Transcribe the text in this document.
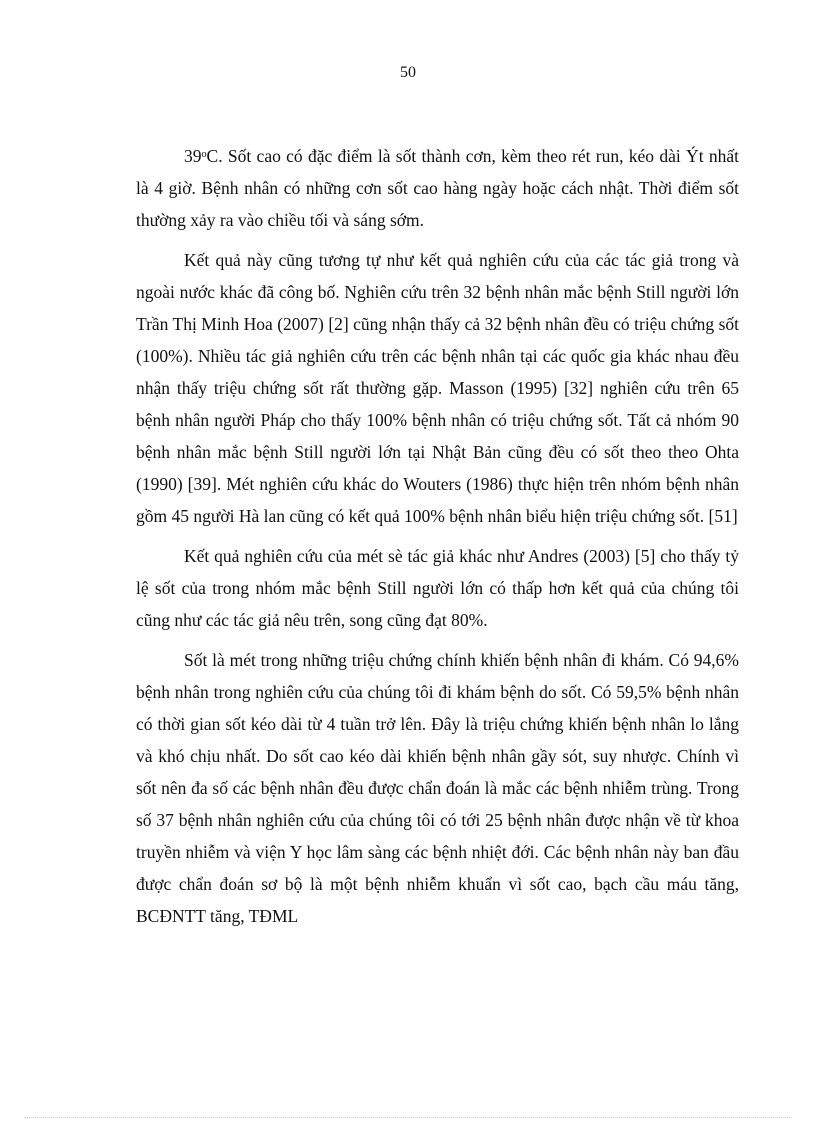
50

39ᵒC. Sốt cao có đặc điểm là sốt thành cơn, kèm theo rét run, kéo dài Ýt nhất là 4 giờ. Bệnh nhân có những cơn sốt cao hàng ngày hoặc cách nhật. Thời điểm sốt thường xảy ra vào chiều tối và sáng sớm.

Kết quả này cũng tương tự như kết quả nghiên cứu của các tác giả trong và ngoài nước khác đã công bố. Nghiên cứu trên 32 bệnh nhân mắc bệnh Still người lớn Trần Thị Minh Hoa (2007) [2] cũng nhận thấy cả 32 bệnh nhân đều có triệu chứng sốt (100%). Nhiều tác giả nghiên cứu trên các bệnh nhân tại các quốc gia khác nhau đều nhận thấy triệu chứng sốt rất thường gặp. Masson (1995) [32] nghiên cứu trên 65 bệnh nhân người Pháp cho thấy 100% bệnh nhân có triệu chứng sốt. Tất cả nhóm 90 bệnh nhân mắc bệnh Still người lớn tại Nhật Bản cũng đều có sốt theo theo Ohta (1990) [39]. Mét nghiên cứu khác do Wouters (1986) thực hiện trên nhóm bệnh nhân gồm 45 người Hà lan cũng có kết quả 100% bệnh nhân biểu hiện triệu chứng sốt. [51]

Kết quả nghiên cứu của mét sè tác giả khác như Andres (2003) [5] cho thấy tỷ lệ sốt của trong nhóm mắc bệnh Still người lớn có thấp hơn kết quả của chúng tôi cũng như các tác giả nêu trên, song cũng đạt 80%.

Sốt là mét trong những triệu chứng chính khiến bệnh nhân đi khám. Có 94,6% bệnh nhân trong nghiên cứu của chúng tôi đi khám bệnh do sốt. Có 59,5% bệnh nhân có thời gian sốt kéo dài từ 4 tuần trở lên. Đây là triệu chứng khiến bệnh nhân lo lắng và khó chịu nhất. Do sốt cao kéo dài khiến bệnh nhân gầy sót, suy nhược. Chính vì sốt nên đa số các bệnh nhân đều được chẩn đoán là mắc các bệnh nhiễm trùng. Trong số 37 bệnh nhân nghiên cứu của chúng tôi có tới 25 bệnh nhân được nhận về từ khoa truyền nhiễm và viện Y học lâm sàng các bệnh nhiệt đới. Các bệnh nhân này ban đầu được chẩn đoán sơ bộ là một bệnh nhiễm khuẩn vì sốt cao, bạch cầu máu tăng, BCĐNTT tăng, TĐML
